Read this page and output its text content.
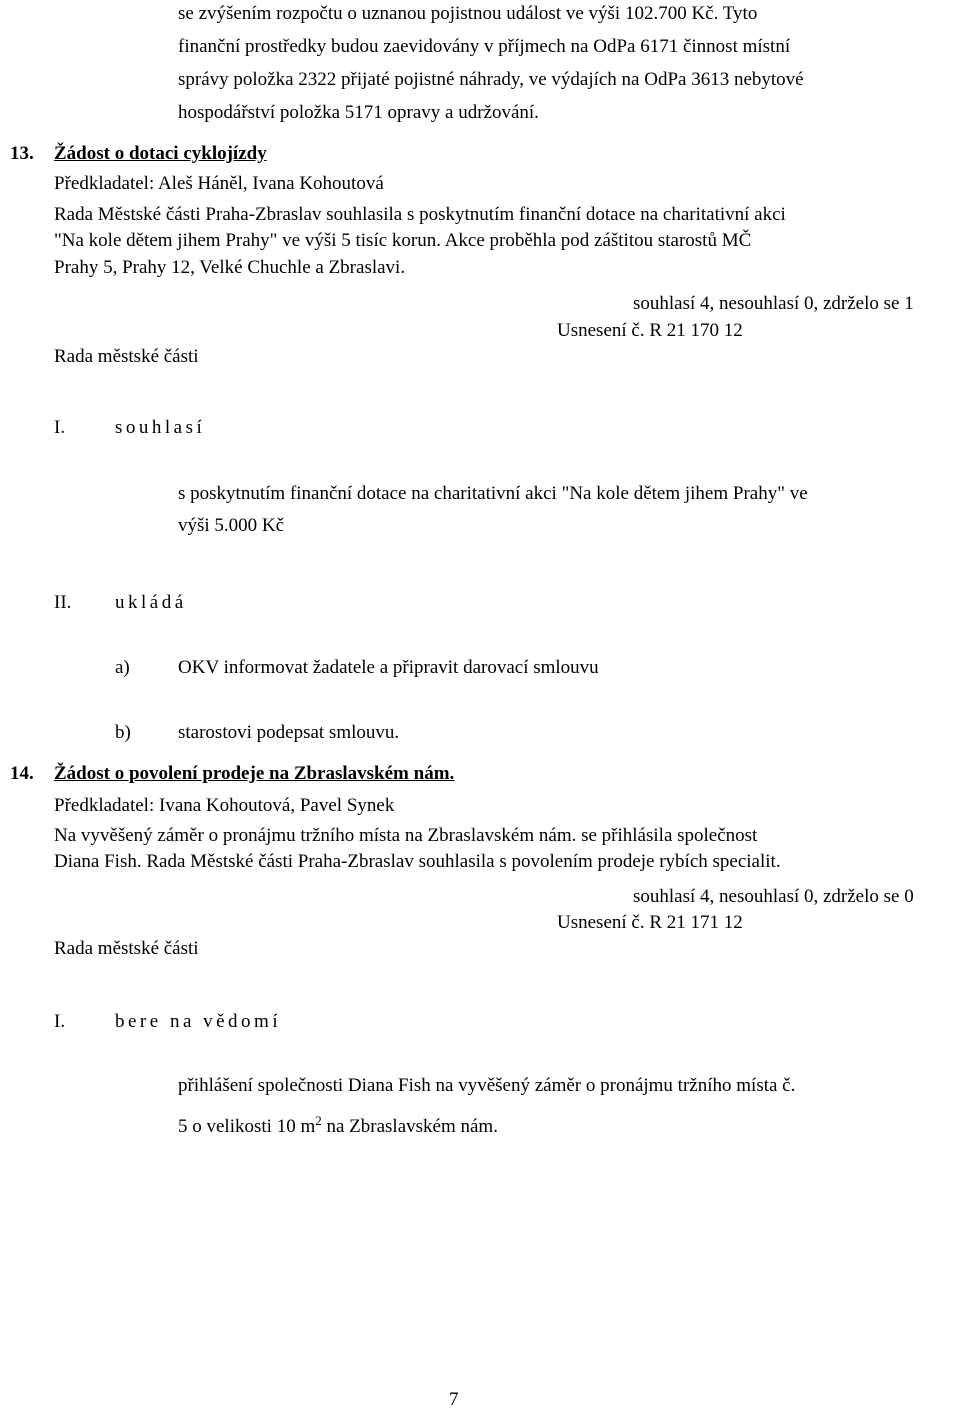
se zvýšením rozpočtu o uznanou pojistnou událost ve výši 102.700 Kč. Tyto
finanční prostředky budou zaevidovány v příjmech na OdPa 6171 činnost místní
správy položka 2322 přijaté pojistné náhrady, ve výdajích na OdPa 3613 nebytové
hospodářství položka 5171 opravy a udržování.
13. Žádost o dotaci cyklojízdy
Předkladatel: Aleš Háněl, Ivana Kohoutová
Rada Městské části Praha-Zbraslav souhlasila s poskytnutím finanční dotace na charitativní akci
"Na kole dětem jihem Prahy" ve výši 5 tisíc korun. Akce proběhla pod záštitou starostů MČ
Prahy 5, Prahy 12, Velké Chuchle a Zbraslavi.
souhlasí 4, nesouhlasí 0, zdrželo se 1
Usnesení č. R 21 170 12
Rada městské části
I.	souhlasí
s poskytnutím finanční dotace na charitativní akci "Na kole dětem jihem Prahy" ve
výši 5.000 Kč
II. ukládá
a)	OKV informovat žadatele a připravit darovací smlouvu
b) starostovi podepsat smlouvu.
14. Žádost o povolení prodeje na Zbraslavském nám.
Předkladatel: Ivana Kohoutová, Pavel Synek
Na vyvěšený záměr o pronájmu tržního místa na Zbraslavském nám. se přihlásila společnost
Diana Fish. Rada Městské části Praha-Zbraslav souhlasila s povolením prodeje rybích specialit.
souhlasí 4, nesouhlasí 0, zdrželo se 0
Usnesení č. R 21 171 12
Rada městské části
I.	bere na vědomí
přihlášení společnosti Diana Fish na vyvěšený záměr o pronájmu tržního místa č.
5 o velikosti 10 $m^2$ na Zbraslavském nám.
7
